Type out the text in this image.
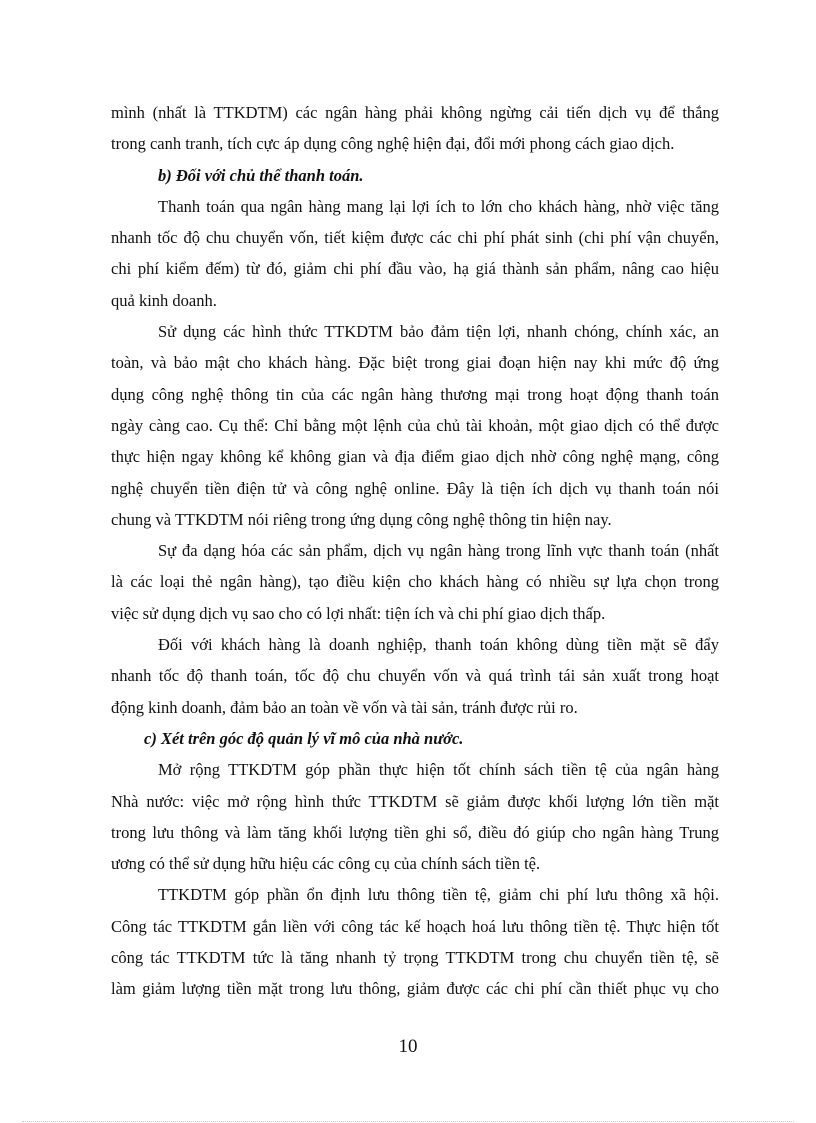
mình (nhất là TTKDTM) các ngân hàng phải không ngừng cải tiến dịch vụ để thắng
trong canh tranh, tích cực áp dụng công nghệ hiện đại, đổi mới phong cách giao dịch.
b) Đối với chủ thể thanh toán.
Thanh toán qua ngân hàng mang lại lợi ích to lớn cho khách hàng, nhờ việc tăng
nhanh tốc độ chu chuyển vốn, tiết kiệm được các chi phí phát sinh (chi phí vận chuyển,
chi phí kiểm đếm) từ đó, giảm chi phí đầu vào, hạ giá thành sản phẩm, nâng cao hiệu
quả kinh doanh.
Sử dụng các hình thức TTKDTM bảo đảm tiện lợi, nhanh chóng, chính xác, an
toàn, và bảo mật cho khách hàng. Đặc biệt trong giai đoạn hiện nay khi mức độ ứng
dụng công nghệ thông tin của các ngân hàng thương mại trong hoạt động thanh toán
ngày càng cao. Cụ thể: Chỉ bằng một lệnh của chủ tài khoản, một giao dịch có thể được
thực hiện ngay không kể không gian và địa điểm giao dịch nhờ công nghệ mạng, công
nghệ chuyển tiền điện tử và công nghệ online. Đây là tiện ích dịch vụ thanh toán nói
chung và TTKDTM nói riêng trong ứng dụng công nghệ thông tin hiện nay.
Sự đa dạng hóa các sản phẩm, dịch vụ ngân hàng trong lĩnh vực thanh toán (nhất
là các loại thẻ ngân hàng), tạo điều kiện cho khách hàng có nhiều sự lựa chọn trong
việc sử dụng dịch vụ sao cho có lợi nhất: tiện ích và chi phí giao dịch thấp.
Đối với khách hàng là doanh nghiệp, thanh toán không dùng tiền mặt sẽ đẩy
nhanh tốc độ thanh toán, tốc độ chu chuyển vốn và quá trình tái sản xuất trong hoạt
động kinh doanh, đảm bảo an toàn về vốn và tài sản, tránh được rủi ro.
c) Xét trên góc độ quản lý vĩ mô của nhà nước.
Mở rộng TTKDTM góp phần thực hiện tốt chính sách tiền tệ của ngân hàng
Nhà nước: việc mở rộng hình thức TTKDTM sẽ giảm được khối lượng lớn tiền mặt
trong lưu thông và làm tăng khối lượng tiền ghi sổ, điều đó giúp cho ngân hàng Trung
ương có thể sử dụng hữu hiệu các công cụ của chính sách tiền tệ.
TTKDTM góp phần ổn định lưu thông tiền tệ, giảm chi phí lưu thông xã hội.
Công tác TTKDTM gắn liền với công tác kế hoạch hoá lưu thông tiền tệ. Thực hiện tốt
công tác TTKDTM tức là tăng nhanh tỷ trọng TTKDTM trong chu chuyển tiền tệ, sẽ
làm giảm lượng tiền mặt trong lưu thông, giảm được các chi phí cần thiết phục vụ cho
10
